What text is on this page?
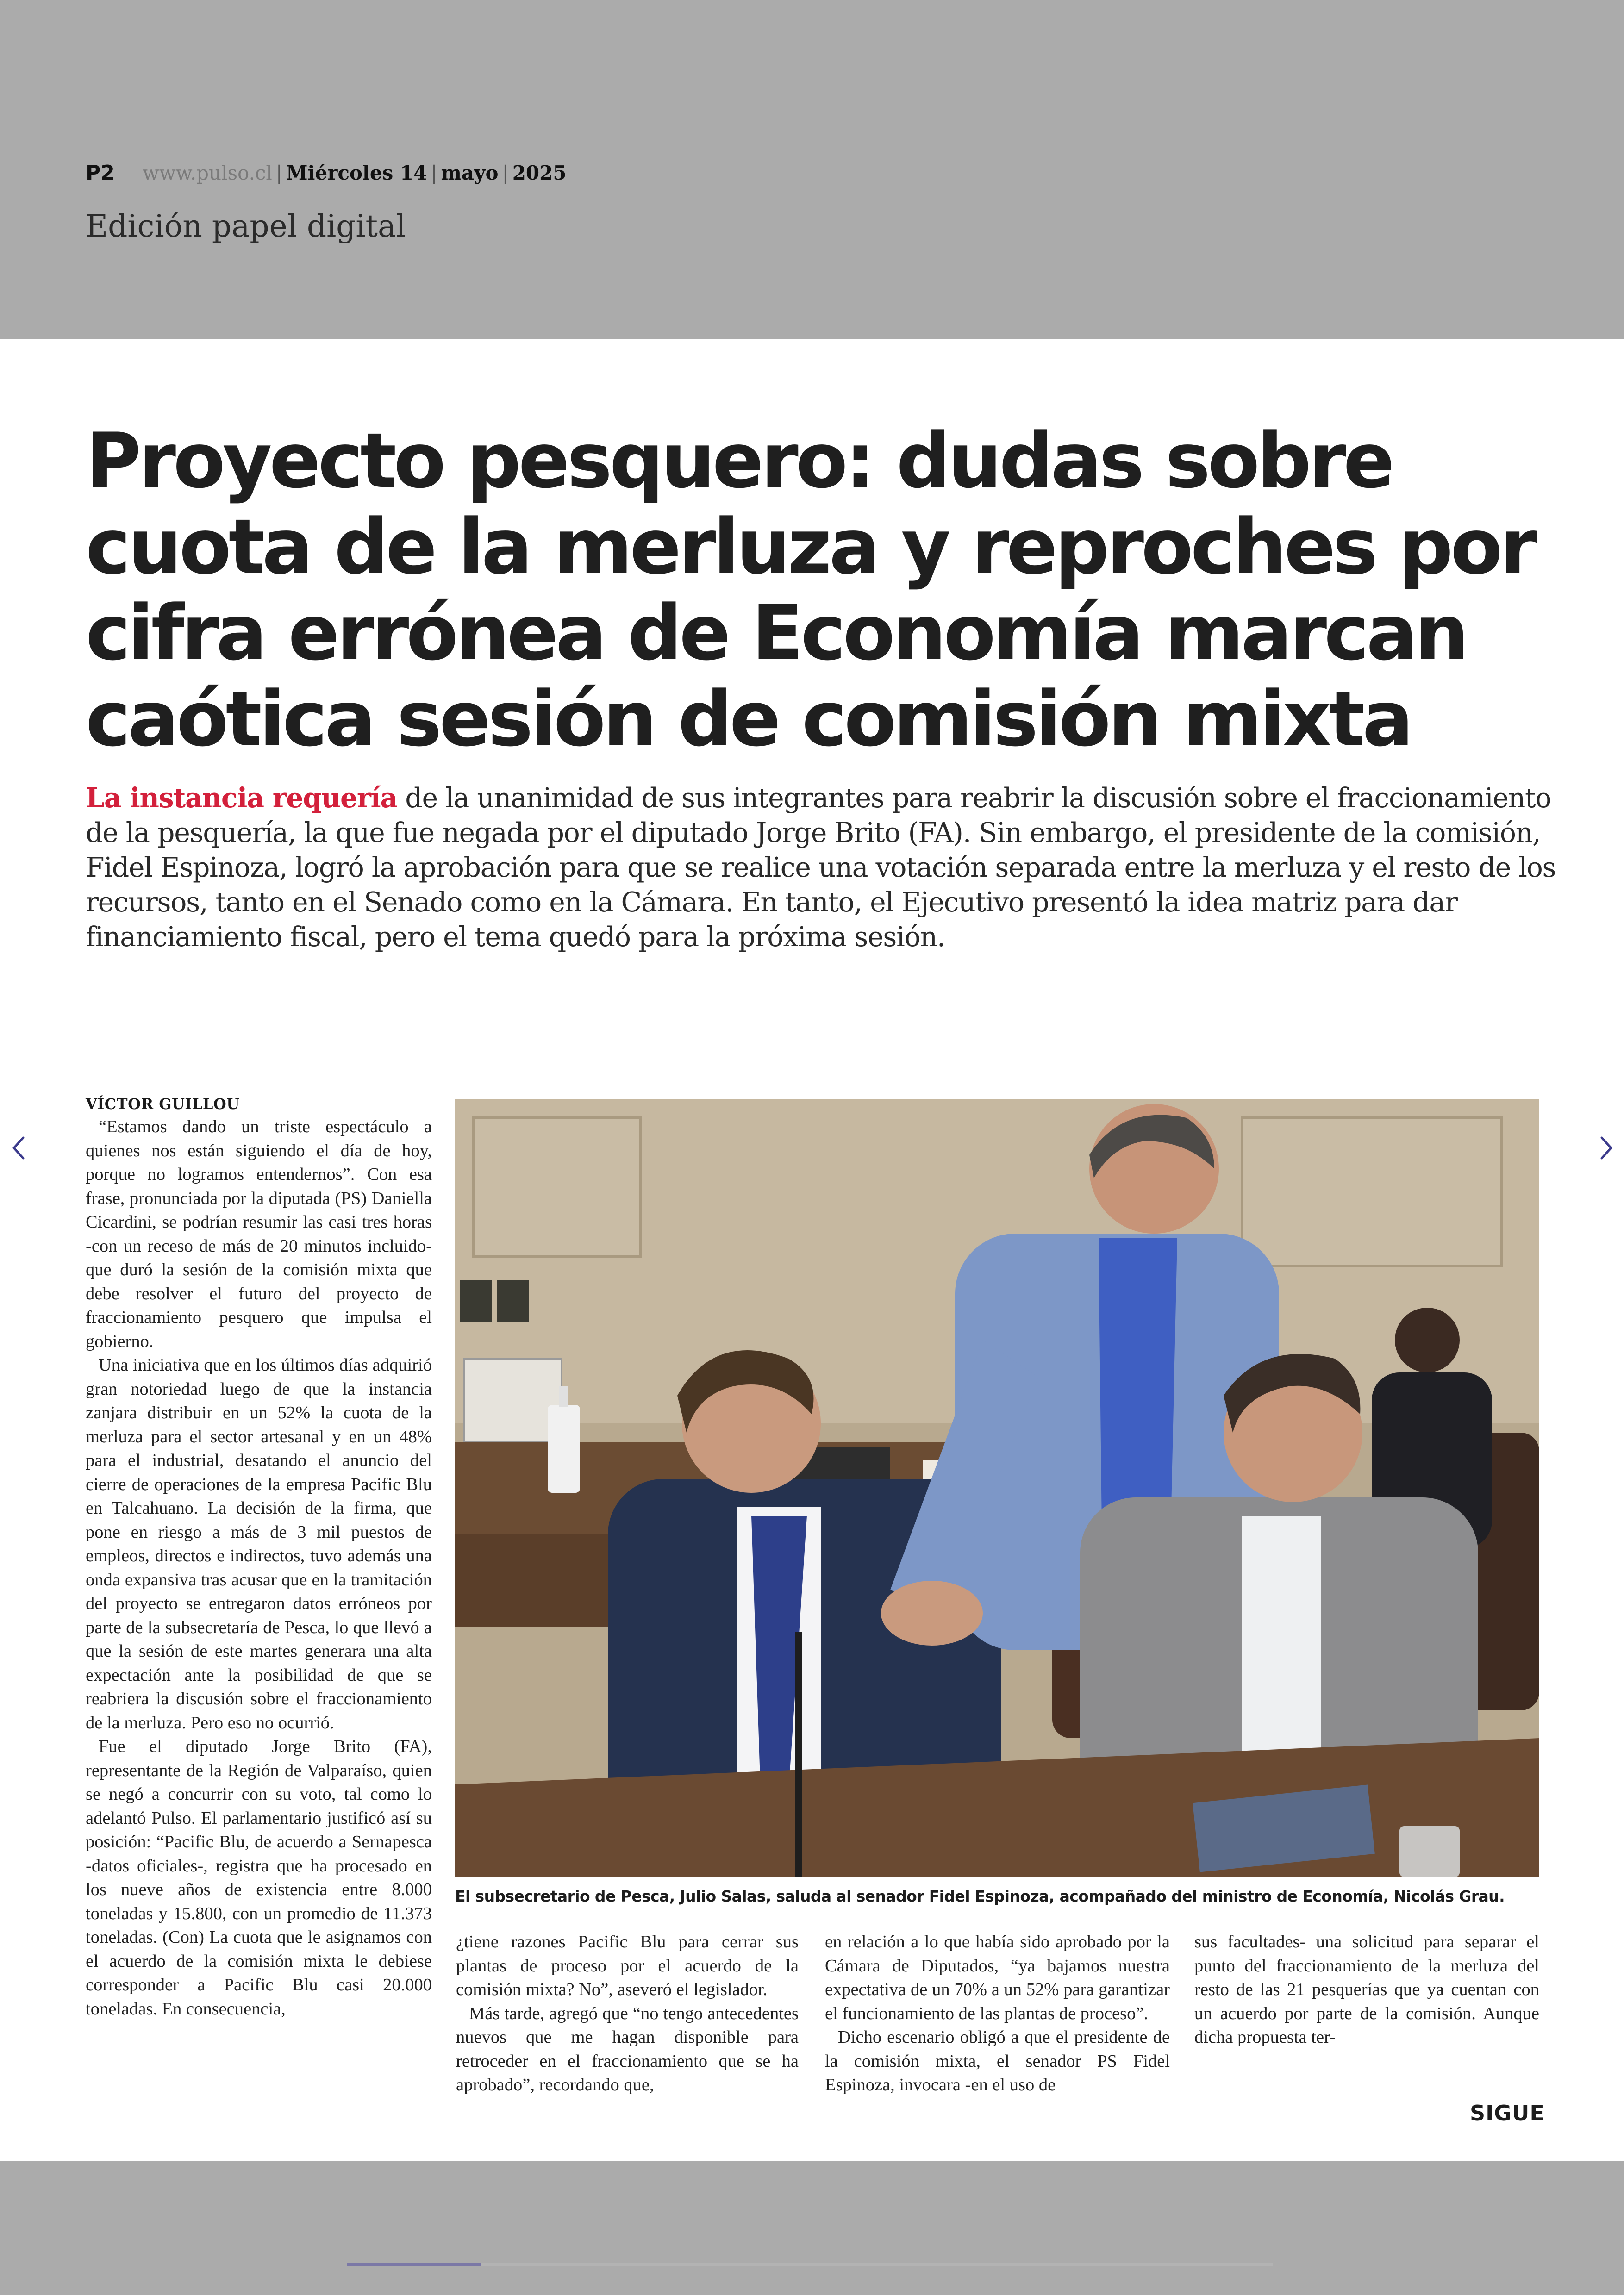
P2 www.pulso.cl | Miércoles 14 | mayo | 2025
Edición papel digital
Proyecto pesquero: dudas sobre cuota de la merluza y reproches por cifra errónea de Economía marcan caótica sesión de comisión mixta
La instancia requería de la unanimidad de sus integrantes para reabrir la discusión sobre el fraccionamiento de la pesquería, la que fue negada por el diputado Jorge Brito (FA). Sin embargo, el presidente de la comisión, Fidel Espinoza, logró la aprobación para que se realice una votación separada entre la merluza y el resto de los recursos, tanto en el Senado como en la Cámara. En tanto, el Ejecutivo presentó la idea matriz para dar financiamiento fiscal, pero el tema quedó para la próxima sesión.
VÍCTOR GUILLOU

“Estamos dando un triste espectáculo a quienes nos están siguiendo el día de hoy, porque no logramos entendernos”. Con esa frase, pronunciada por la diputada (PS) Daniella Cicardini, se podrían resumir las casi tres horas -con un receso de más de 20 minutos incluido- que duró la sesión de la comisión mixta que debe resolver el futuro del proyecto de fraccionamiento pesquero que impulsa el gobierno.

Una iniciativa que en los últimos días adquirió gran notoriedad luego de que la instancia zanjara distribuir en un 52% la cuota de la merluza para el sector artesanal y en un 48% para el industrial, desatando el anuncio del cierre de operaciones de la empresa Pacific Blu en Talcahuano. La decisión de la firma, que pone en riesgo a más de 3 mil puestos de empleos, directos e indirectos, tuvo además una onda expansiva tras acusar que en la tramitación del proyecto se entregaron datos erróneos por parte de la subsecretaría de Pesca, lo que llevó a que la sesión de este martes generara una alta expectación ante la posibilidad de que se reabriera la discusión sobre el fraccionamiento de la merluza. Pero eso no ocurrió.

Fue el diputado Jorge Brito (FA), representante de la Región de Valparaíso, quien se negó a concurrir con su voto, tal como lo adelantó Pulso. El parlamentario justificó así su posición: “Pacific Blu, de acuerdo a Sernapesca -datos oficiales-, registra que ha procesado en los nueve años de existencia entre 8.000 toneladas y 15.800, con un promedio de 11.373 toneladas. (Con) La cuota que le asignamos con el acuerdo de la comisión mixta le debiese corresponder a Pacific Blu casi 20.000 toneladas. En consecuencia,

El subsecretario de Pesca, Julio Salas, saluda al senador Fidel Espinoza, acompañado del ministro de Economía, Nicolás Grau.

¿tiene razones Pacific Blu para cerrar sus plantas de proceso por el acuerdo de la comisión mixta? No”, aseveró el legislador.

Más tarde, agregó que “no tengo antecedentes nuevos que me hagan disponible para retroceder en el fraccionamiento que se ha aprobado”, recordando que,

en relación a lo que había sido aprobado por la Cámara de Diputados, “ya bajamos nuestra expectativa de un 70% a un 52% para garantizar el funcionamiento de las plantas de proceso”.

Dicho escenario obligó a que el presidente de la comisión mixta, el senador PS Fidel Espinoza, invocara -en el uso de

sus facultades- una solicitud para separar el punto del fraccionamiento de la merluza del resto de las 21 pesquerías que ya cuentan con un acuerdo por parte de la comisión. Aunque dicha propuesta ter-

SIGUE
